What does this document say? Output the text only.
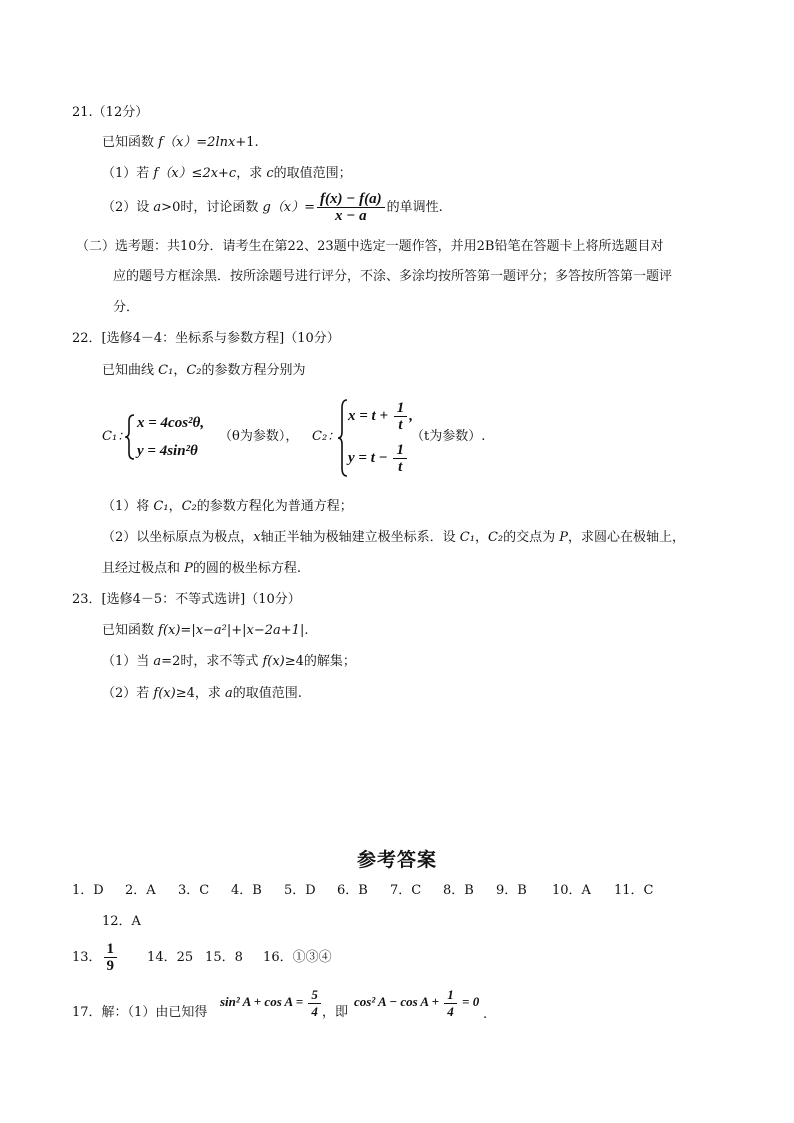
21.（12分）
已知函数 f（x）=2lnx+1.
（1）若 f（x）≤2x+c，求 c的取值范围；
（2）设 a>0时，讨论函数 $g(x)= \frac{f(x) - f(a)}{x - a}$ 的单调性.
（二）选考题：共10分．请考生在第22、23题中选定一题作答，并用2B铅笔在答题卡上将所选题目对
应的题号方框涂黑．按所涂题号进行评分，不涂、多涂均按所答第一题评分；多答按所答第一题评
分．
22．[选修4－4：坐标系与参数方程]（10分）
已知曲线 C₁，C₂的参数方程分别为
C₁：
x = 4cos²θ,
y = 4sin²θ
（θ为参数）， C₂：
$x = t + \frac{1}{t}$ ,
$y = t - \frac{1}{t}$
（t为参数）.
（1）将 C₁，C₂的参数方程化为普通方程；
（2）以坐标原点为极点，x轴正半轴为极轴建立极坐标系．设 C₁，C₂的交点为 P，求圆心在极轴上，
且经过极点和 P的圆的极坐标方程.
23．[选修4－5：不等式选讲]（10分）
已知函数 f(x)=|x−a²|+|x−2a+1|.
（1）当 a=2时，求不等式 f(x)≥4的解集；
（2）若 f(x)≥4，求 a的取值范围.
参考答案
1．D 2．A 3．C 4．B 5．D 6．B 7．C 8．B 9．B 10．A 11．C
12．A
13． $\frac{1}{9} 14$．25 15．8 16．①③④
17．解：（1）由已知得
sin² $A + \cos A = \frac{5}{4}$ ，即
cos² $A - \cos A + \frac{1}{4} = 0$
.
